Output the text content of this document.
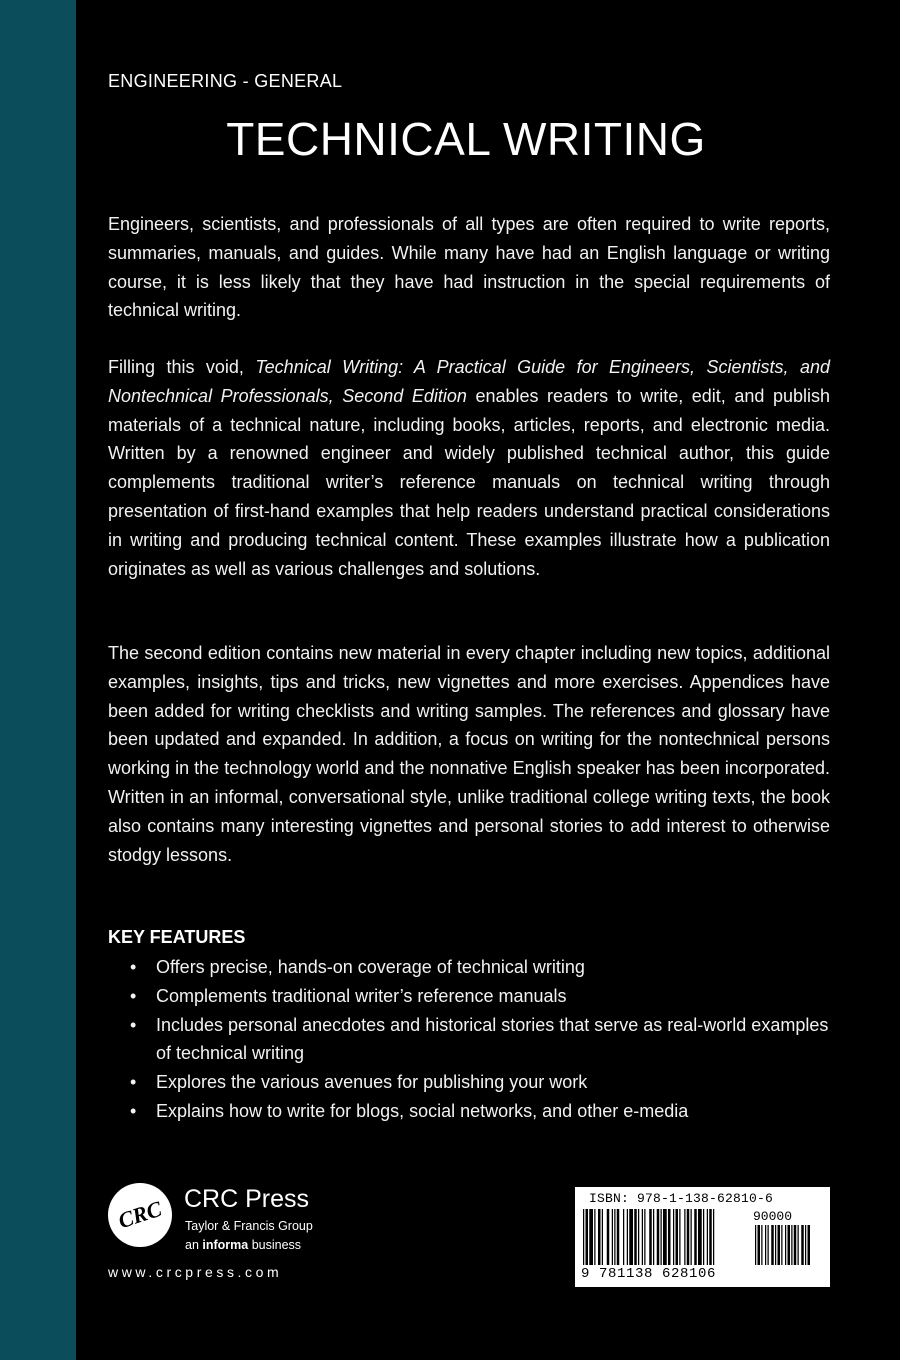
ENGINEERING - GENERAL
TECHNICAL WRITING
Engineers, scientists, and professionals of all types are often required to write reports, summaries, manuals, and guides. While many have had an English language or writing course, it is less likely that they have had instruction in the special requirements of technical writing.
Filling this void, Technical Writing: A Practical Guide for Engineers, Scientists, and Nontechnical Professionals, Second Edition enables readers to write, edit, and publish materials of a technical nature, including books, articles, reports, and electronic media. Written by a renowned engineer and widely published technical author, this guide complements traditional writer’s reference manuals on technical writing through presentation of first-hand examples that help readers understand practical considerations in writing and producing technical content. These examples illustrate how a publication originates as well as various challenges and solutions.
The second edition contains new material in every chapter including new topics, additional examples, insights, tips and tricks, new vignettes and more exercises. Appendices have been added for writing checklists and writing samples. The references and glossary have been updated and expanded. In addition, a focus on writing for the nontechnical persons working in the technology world and the nonnative English speaker has been incorporated. Written in an informal, conversational style, unlike traditional college writing texts, the book also contains many interesting vignettes and personal stories to add interest to otherwise stodgy lessons.
KEY FEATURES
• Offers precise, hands-on coverage of technical writing
• Complements traditional writer’s reference manuals
• Includes personal anecdotes and historical stories that serve as real-world examples of technical writing
• Explores the various avenues for publishing your work
• Explains how to write for blogs, social networks, and other e-media
CRC CRC Press
Taylor & Francis Group
an informa business
www.crcpress.com
ISBN: 978-1-138-62810-6
90000
9 781138 628106
